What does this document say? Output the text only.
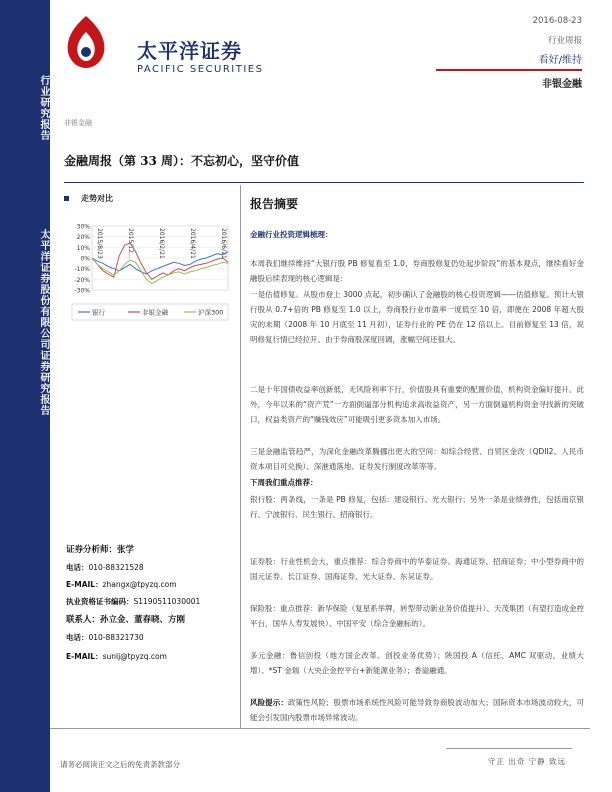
行业研究报告
太平洋证券股份有限公司证券研究报告
太平洋证券
PACIFIC SECURITIES
2016-08-23
行业周报
看好/维持
非银金融
非银金融
金融周报（第 33 周）：不忘初心，坚守价值
走势对比
30%
20%
10%
0%
-10%
-20%
-30%
2015/8/23	2015/12…	2016/2/21	2016/4/21	2016/6/21
银行	非银金融	沪深300
证券分析师：张学
电话：010-88321528
E-MAIL：zhangx@tpyzq.com
执业资格证书编码：S1190511030001
联系人：孙立金、董春晓、方刚
电话：010-88321730
E-MAIL：sunlj@tpyzq.com
报告摘要
金融行业投资逻辑梳理：
本周我们继续维持“大银行股 PB 修复看至 1.0，券商股修复仍处起步阶段”的基本观点，继续看好金融股后续表现的核心逻辑是：
一是估值修复。从股市登上 3000 点起，初步确认了金融股的核心投资逻辑——估值修复。预计大银行股从 0.7+倍的 PB 修复至 1.0 以上，券商股行业市盈率一度低至 10 倍，即便在 2008 年超大股灾的末期（2008 年 10 月底至 11 月初），证券行业的 PE 仍在 12 倍以上。目前修复至 13 倍，说明修复行情已经拉开。由于券商股深度回调，涨幅空间还很大。
二是十年国债收益率创新低，无风险利率下行，价值股具有重要的配置价值，机构资金偏好提升。此外，今年以来的“资产荒”一方面倒逼部分机构追求高收益资产，另一方面倒逼机构资金寻找新的突破口，权益类资产的“赚钱效应”可能吸引更多资本加入市场。
三是金融监管趋严，为深化金融改革腾挪出更大的空间：如综合经营、自贸区金改（QDII2、人民币资本项目可兑换）、深港通落地、证券发行制度改革等等。
下周我们重点推荐：
银行股：两条线，一条是 PB 修复，包括：建设银行、光大银行；另外一条是业绩弹性，包括南京银行、宁波银行、民生银行、招商银行。
证券股：行业性机会大，重点推荐：综合券商中的华泰证券、海通证券、招商证券；中小型券商中的国元证券、长江证券、国海证券、光大证券、东吴证券。
保险股：重点推荐：新华保险（复星系举牌，转型带动新业务价值提升）、天茂集团（有望打造成金控平台，国华人寿发展快）、中国平安（综合金融标的）。
多元金融：鲁信创投（地方国企改革、创投业务优势）；陕国投 A（信托、AMC 双驱动，业绩大增）、*ST 金瑞（大央企金控平台+新能源业务）；香溢融通。
风险提示：政策性风险；股票市场系统性风险可能导致券商股波动加大；国际资本市场波动较大，可能会引发国内股票市场异常波动。
请务必阅读正文之后的免责条款部分	守正 出奇 宁静 致远
